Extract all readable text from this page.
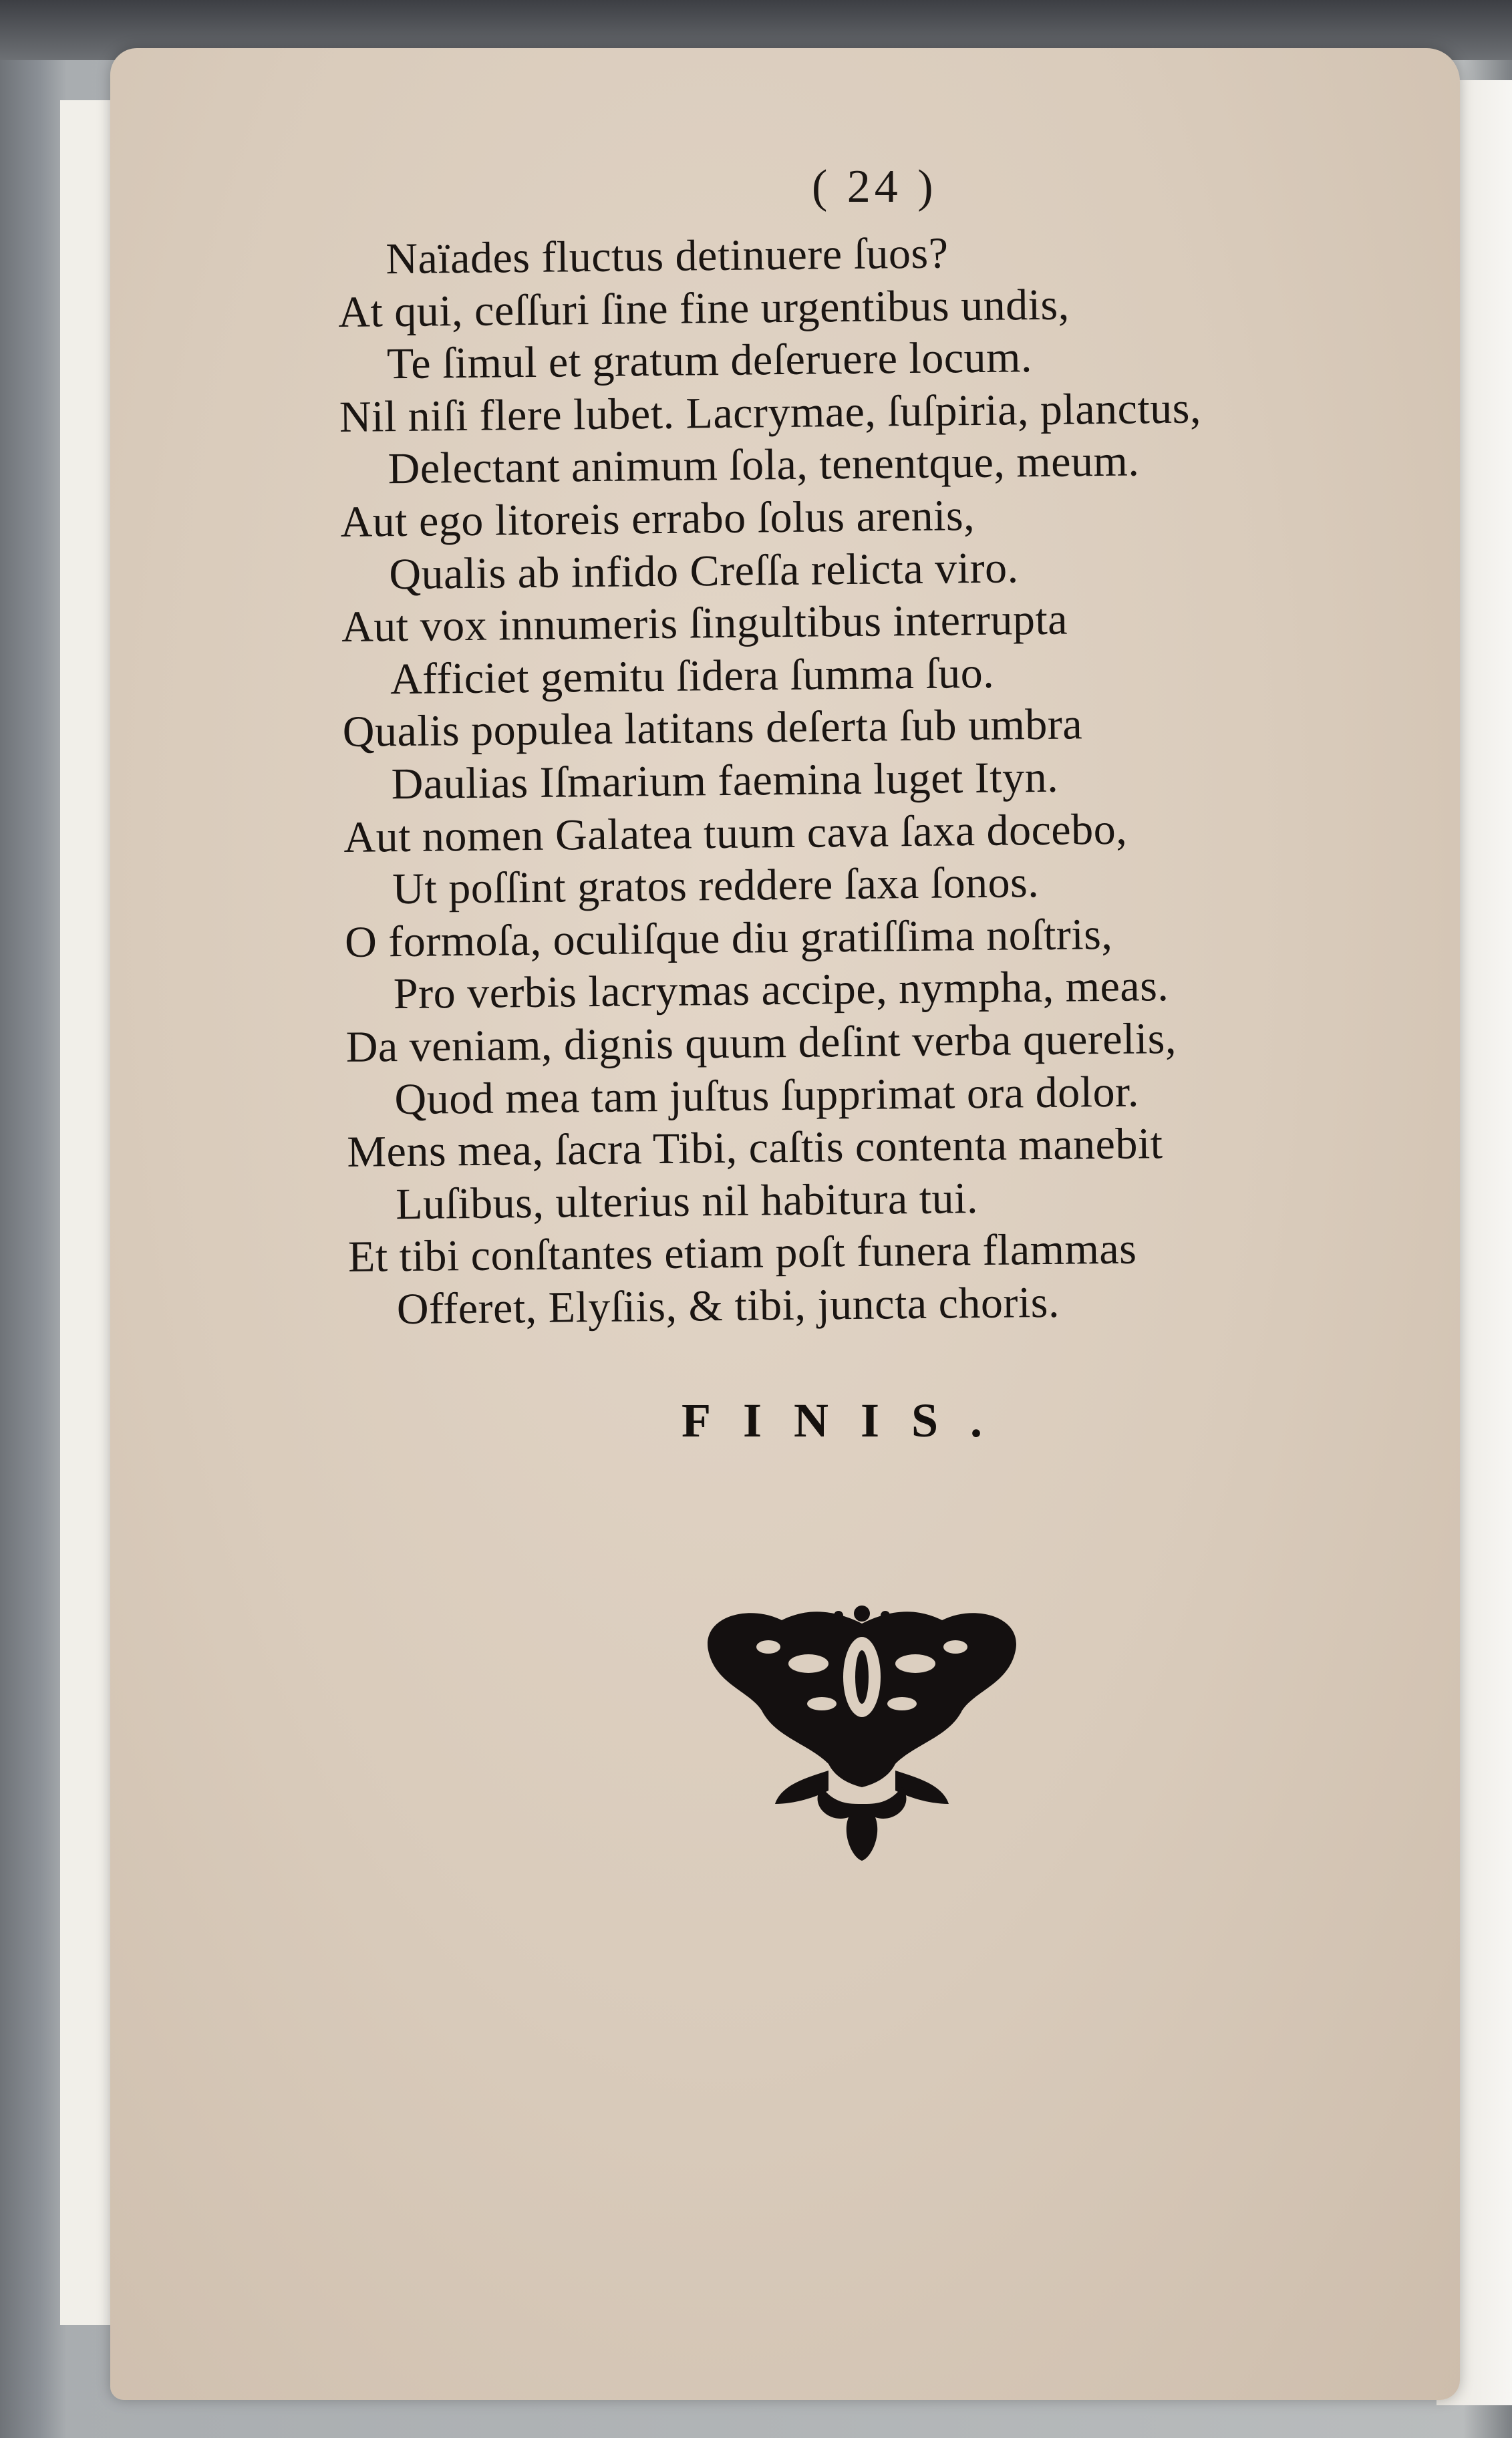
( 24 )
Naïades fluctus detinuere ſuos?
At qui, ceſſuri ſine fine urgentibus undis,
Te ſimul et gratum deſeruere locum.
Nil niſi flere lubet. Lacrymae, ſuſpiria, planctus,
Delectant animum ſola, tenentque, meum.
Aut ego litoreis errabo ſolus arenis,
Qualis ab infido Creſſa relicta viro.
Aut vox innumeris ſingultibus interrupta
Afficiet gemitu ſidera ſumma ſuo.
Qualis populea latitans deſerta ſub umbra
Daulias Iſmarium faemina luget Ityn.
Aut nomen Galatea tuum cava ſaxa docebo,
Ut poſſint gratos reddere ſaxa ſonos.
O formoſa, oculiſque diu gratiſſima noſtris,
Pro verbis lacrymas accipe, nympha, meas.
Da veniam, dignis quum deſint verba querelis,
Quod mea tam juſtus ſupprimat ora dolor.
Mens mea, ſacra Tibi, caſtis contenta manebit
Luſibus, ulterius nil habitura tui.
Et tibi conſtantes etiam poſt funera flammas
Offeret, Elyſiis, & tibi, juncta choris.
FINIS.
